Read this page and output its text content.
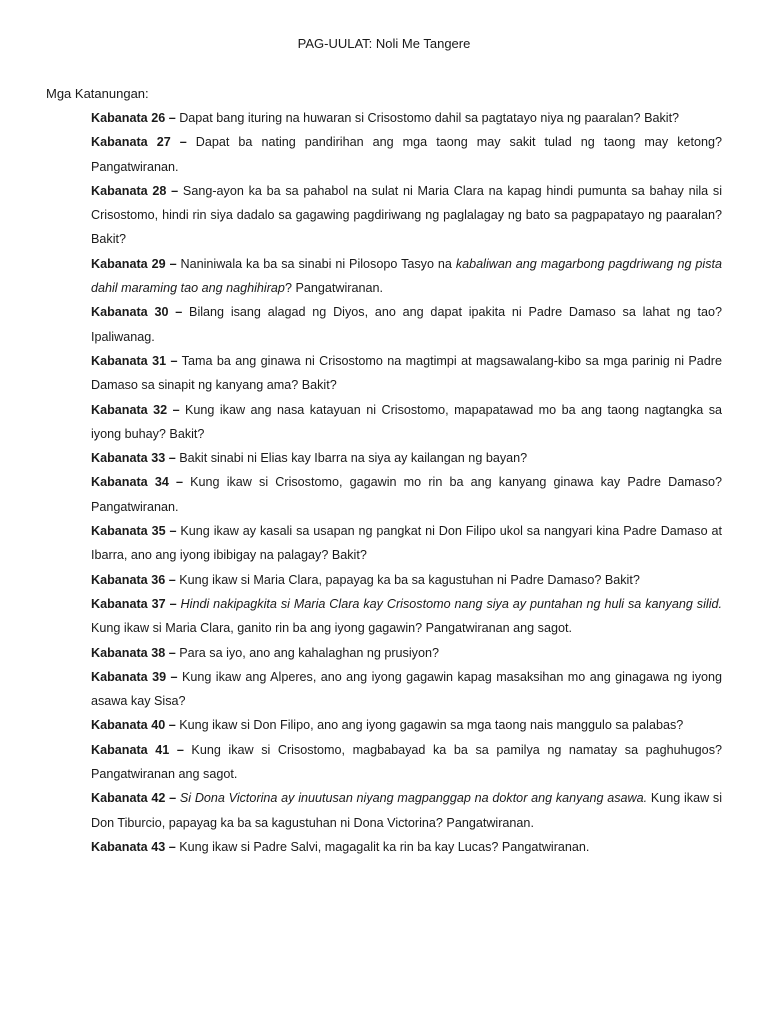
PAG-UULAT: Noli Me Tangere
Mga Katanungan:

Kabanata 26 – Dapat bang ituring na huwaran si Crisostomo dahil sa pagtatayo niya ng paaralan? Bakit?

Kabanata 27 – Dapat ba nating pandirihan ang mga taong may sakit tulad ng taong may ketong? Pangatwiranan.

Kabanata 28 – Sang-ayon ka ba sa pahabol na sulat ni Maria Clara na kapag hindi pumunta sa bahay nila si Crisostomo, hindi rin siya dadalo sa gagawing pagdiriwang ng paglalagay ng bato sa pagpapatayo ng paaralan? Bakit?

Kabanata 29 – Naniniwala ka ba sa sinabi ni Pilosopo Tasyo na kabaliwan ang magarbong pagdriwang ng pista dahil maraming tao ang naghihirap? Pangatwiranan.

Kabanata 30 – Bilang isang alagad ng Diyos, ano ang dapat ipakita ni Padre Damaso sa lahat ng tao? Ipaliwanag.

Kabanata 31 – Tama ba ang ginawa ni Crisostomo na magtimpi at magsawalang-kibo sa mga parinig ni Padre Damaso sa sinapit ng kanyang ama? Bakit?

Kabanata 32 – Kung ikaw ang nasa katayuan ni Crisostomo, mapapatawad mo ba ang taong nagtangka sa iyong buhay? Bakit?

Kabanata 33 – Bakit sinabi ni Elias kay Ibarra na siya ay kailangan ng bayan?

Kabanata 34 – Kung ikaw si Crisostomo, gagawin mo rin ba ang kanyang ginawa kay Padre Damaso? Pangatwiranan.

Kabanata 35 – Kung ikaw ay kasali sa usapan ng pangkat ni Don Filipo ukol sa nangyari kina Padre Damaso at Ibarra, ano ang iyong ibibigay na palagay? Bakit?

Kabanata 36 – Kung ikaw si Maria Clara, papayag ka ba sa kagustuhan ni Padre Damaso? Bakit?

Kabanata 37 – Hindi nakipagkita si Maria Clara kay Crisostomo nang siya ay puntahan ng huli sa kanyang silid. Kung ikaw si Maria Clara, ganito rin ba ang iyong gagawin? Pangatwiranan ang sagot.

Kabanata 38 – Para sa iyo, ano ang kahalaghan ng prusiyon?

Kabanata 39 – Kung ikaw ang Alperes, ano ang iyong gagawin kapag masaksihan mo ang ginagawa ng iyong asawa kay Sisa?

Kabanata 40 – Kung ikaw si Don Filipo, ano ang iyong gagawin sa mga taong nais manggulo sa palabas?

Kabanata 41 – Kung ikaw si Crisostomo, magbabayad ka ba sa pamilya ng namatay sa paghuhugos? Pangatwiranan ang sagot.

Kabanata 42 – Si Dona Victorina ay inuutusan niyang magpanggap na doktor ang kanyang asawa. Kung ikaw si Don Tiburcio, papayag ka ba sa kagustuhan ni Dona Victorina? Pangatwiranan.

Kabanata 43 – Kung ikaw si Padre Salvi, magagalit ka rin ba kay Lucas? Pangatwiranan.
